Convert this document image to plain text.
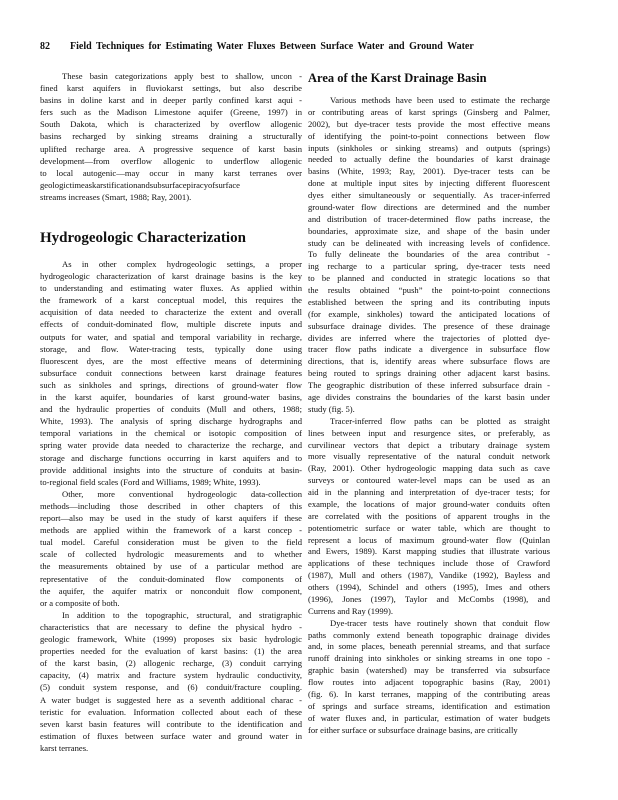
82 Field Techniques for Estimating Water Fluxes Between Surface Water and Ground Water
These basin categorizations apply best to shallow, uncon -
fined karst aquifers in fluviokarst settings, but also describe
basins in doline karst and in deeper partly confined karst aqui -
fers such as the Madison Limestone aquifer (Greene, 1997) in
South Dakota, which is characterized by overflow allogenic
basins recharged by sinking streams draining a structurally
uplifted recharge area. A progressive sequence of karst basin
development—from overflow allogenic to underflow allogenic
to local autogenic—may occur in many karst terranes over
geologictimeaskarstificationandsubsurfacepiracyofsurface
streams increases (Smart, 1988; Ray, 2001).
Hydrogeologic Characterization
As in other complex hydrogeologic settings, a proper
hydrogeologic characterization of karst drainage basins is the key
to understanding and estimating water fluxes. As applied within
the framework of a karst conceptual model, this requires the
acquisition of data needed to characterize the extent and overall
effects of conduit-dominated flow, multiple discrete inputs and
outputs for water, and spatial and temporal variability in recharge,
storage, and flow. Water-tracing tests, typically done using
fluorescent dyes, are the most effective means of determining
subsurface conduit connections between karst drainage features
such as sinkholes and springs, directions of ground-water flow
in the karst aquifer, boundaries of karst ground-water basins,
and the hydraulic properties of conduits (Mull and others, 1988;
White, 1993). The analysis of spring discharge hydrographs and
temporal variations in the chemical or isotopic composition of
spring water provide data needed to characterize the recharge, and
storage and discharge functions occurring in karst aquifers and to
provide additional insights into the structure of conduits at basin-
to-regional field scales (Ford and Williams, 1989; White, 1993).
Other, more conventional hydrogeologic data-collection
methods—including those described in other chapters of this
report—also may be used in the study of karst aquifers if these
methods are applied within the framework of a karst concep -
tual model. Careful consideration must be given to the field
scale of collected hydrologic measurements and to whether
the measurements obtained by use of a particular method are
representative of the conduit-dominated flow components of
the aquifer, the aquifer matrix or nonconduit flow component,
or a composite of both.
In addition to the topographic, structural, and stratigraphic
characteristics that are necessary to define the physical hydro -
geologic framework, White (1999) proposes six basic hydrologic
properties needed for the evaluation of karst basins: (1) the area
of the karst basin, (2) allogenic recharge, (3) conduit carrying
capacity, (4) matrix and fracture system hydraulic conductivity,
(5) conduit system response, and (6) conduit/fracture coupling.
A water budget is suggested here as a seventh additional charac -
teristic for evaluation. Information collected about each of these
seven karst basin features will contribute to the identification and
estimation of fluxes between surface water and ground water in
karst terranes.
Area of the Karst Drainage Basin
Various methods have been used to estimate the recharge
or contributing areas of karst springs (Ginsberg and Palmer,
2002), but dye-tracer tests provide the most effective means
of identifying the point-to-point connections between flow
inputs (sinkholes or sinking streams) and outputs (springs)
needed to actually define the boundaries of karst drainage
basins (White, 1993; Ray, 2001). Dye-tracer tests can be
done at multiple input sites by injecting different fluorescent
dyes either simultaneously or sequentially. As tracer-inferred
ground-water flow directions are determined and the number
and distribution of tracer-determined flow paths increase, the
boundaries, approximate size, and shape of the basin under
study can be delineated with increasing levels of confidence.
To fully delineate the boundaries of the area contribut -
ing recharge to a particular spring, dye-tracer tests need
to be planned and conducted in strategic locations so that
the results obtained “push” the point-to-point connections
established between the spring and its contributing inputs
(for example, sinkholes) toward the anticipated locations of
subsurface drainage divides. The presence of these drainage
divides are inferred where the trajectories of plotted dye-
tracer flow paths indicate a divergence in subsurface flow
directions, that is, identify areas where subsurface flows are
being routed to springs draining other adjacent karst basins.
The geographic distribution of these inferred subsurface drain -
age divides constrains the boundaries of the karst basin under
study (fig. 5).
Tracer-inferred flow paths can be plotted as straight
lines between input and resurgence sites, or preferably, as
curvilinear vectors that depict a tributary drainage system
more visually representative of the natural conduit network
(Ray, 2001). Other hydrogeologic mapping data such as cave
surveys or contoured water-level maps can be used as an
aid in the planning and interpretation of dye-tracer tests; for
example, the locations of major ground-water conduits often
are correlated with the positions of apparent troughs in the
potentiometric surface or water table, which are thought to
represent a locus of maximum ground-water flow (Quinlan
and Ewers, 1989). Karst mapping studies that illustrate various
applications of these techniques include those of Crawford
(1987), Mull and others (1987), Vandike (1992), Bayless and
others (1994), Schindel and others (1995), Imes and others
(1996), Jones (1997), Taylor and McCombs (1998), and
Currens and Ray (1999).
Dye-tracer tests have routinely shown that conduit flow
paths commonly extend beneath topographic drainage divides
and, in some places, beneath perennial streams, and that surface
runoff draining into sinkholes or sinking streams in one topo -
graphic basin (watershed) may be transferred via subsurface
flow routes into adjacent topographic basins (Ray, 2001)
(fig. 6). In karst terranes, mapping of the contributing areas
of springs and surface streams, identification and estimation
of water fluxes and, in particular, estimation of water budgets
for either surface or subsurface drainage basins, are critically
